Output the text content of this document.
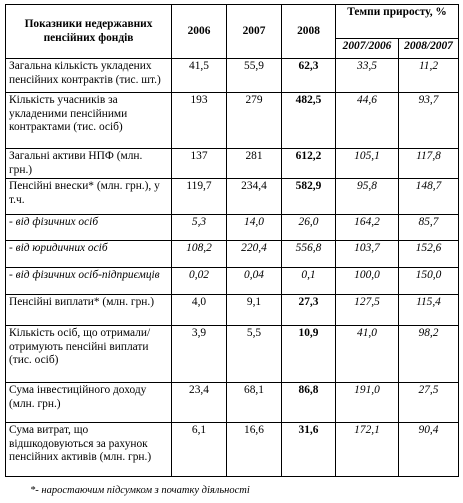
Показники недержавних пенсійних фондів	2006	2007	2008	Темпи приросту, %	
				2007/2006	2008/2007
Загальна кількість укладених пенсійних контрактів (тис. шт.)	41,5	55,9	62,3	33,5	11,2
Кількість учасників за укладеними пенсійними контрактами (тис. осіб)	193	279	482,5	44,6	93,7
Загальні активи НПФ (млн. грн.)	137	281	612,2	105,1	117,8
Пенсійні внески* (млн. грн.), у т.ч.	119,7	234,4	582,9	95,8	148,7
- від фізичних осіб	5,3	14,0	26,0	164,2	85,7
- від юридичних осіб	108,2	220,4	556,8	103,7	152,6
- від фізичних осіб-підприємців	0,02	0,04	0,1	100,0	150,0
Пенсійні виплати* (млн. грн.)	4,0	9,1	27,3	127,5	115,4
Кількість осіб, що отримали/ отримують пенсійні виплати (тис. осіб)	3,9	5,5	10,9	41,0	98,2
Сума інвестиційного доходу (млн. грн.)	23,4	68,1	86,8	191,0	27,5
Сума витрат, що відшкодовуються за рахунок пенсійних активів (млн. грн.)	6,1	16,6	31,6	172,1	90,4
*- наростаючим підсумком з початку діяльності
